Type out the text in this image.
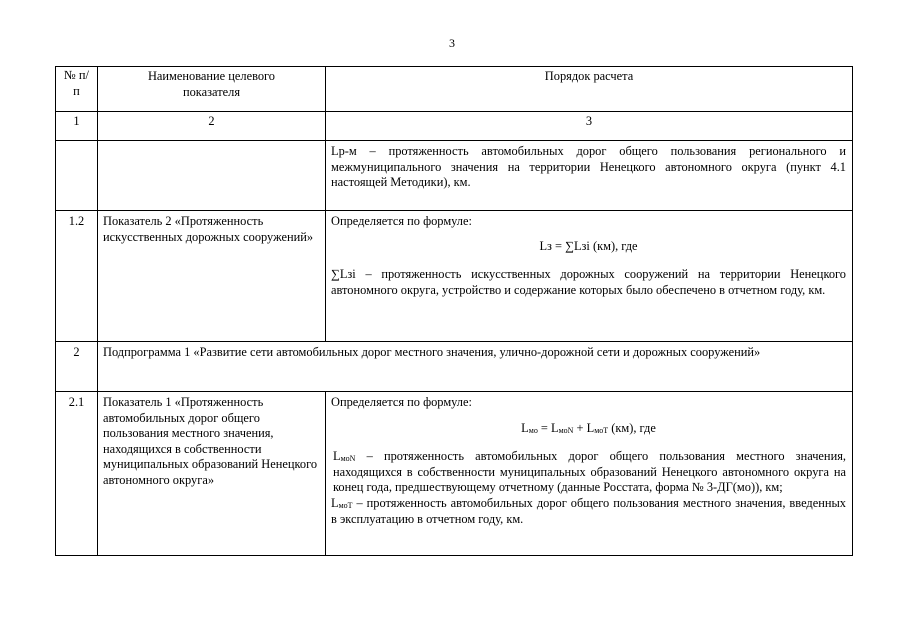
3
№ п/п	Наименование целевого показателя	Порядок расчета

1	2	3

		Lр-м – протяженность автомобильных дорог общего пользования регионального и межмуниципального значения на территории Ненецкого автономного округа (пункт 4.1 настоящей Методики), км.

1.2	Показатель 2 «Протяженность искусственных дорожных сооружений»	Определяется по формуле:

Lз = ∑Lзi (км), где

∑Lзi – протяженность искусственных дорожных сооружений на территории Ненецкого автономного округа, устройство и содержание которых было обеспечено в отчетном году, км.

2	Подпрограмма 1 «Развитие сети автомобильных дорог местного значения, улично-дорожной сети и дорожных сооружений»	

2.1	Показатель 1 «Протяженность автомобильных дорог общего пользования местного значения, находящихся в собственности муниципальных образований Ненецкого автономного округа»	Определяется по формуле:

$L_{мо} = L_{моN} + L_{моТ}$ (км), где

$L_{моN}$ – протяженность автомобильных дорог общего пользования местного значения, находящихся в собственности муниципальных образований Ненецкого автономного округа на конец года, предшествующему отчетному (данные Росстата, форма № 3-ДГ(мо)), км;

$L_{моТ}$ – протяженность автомобильных дорог общего пользования местного значения, введенных в эксплуатацию в отчетном году, км.
